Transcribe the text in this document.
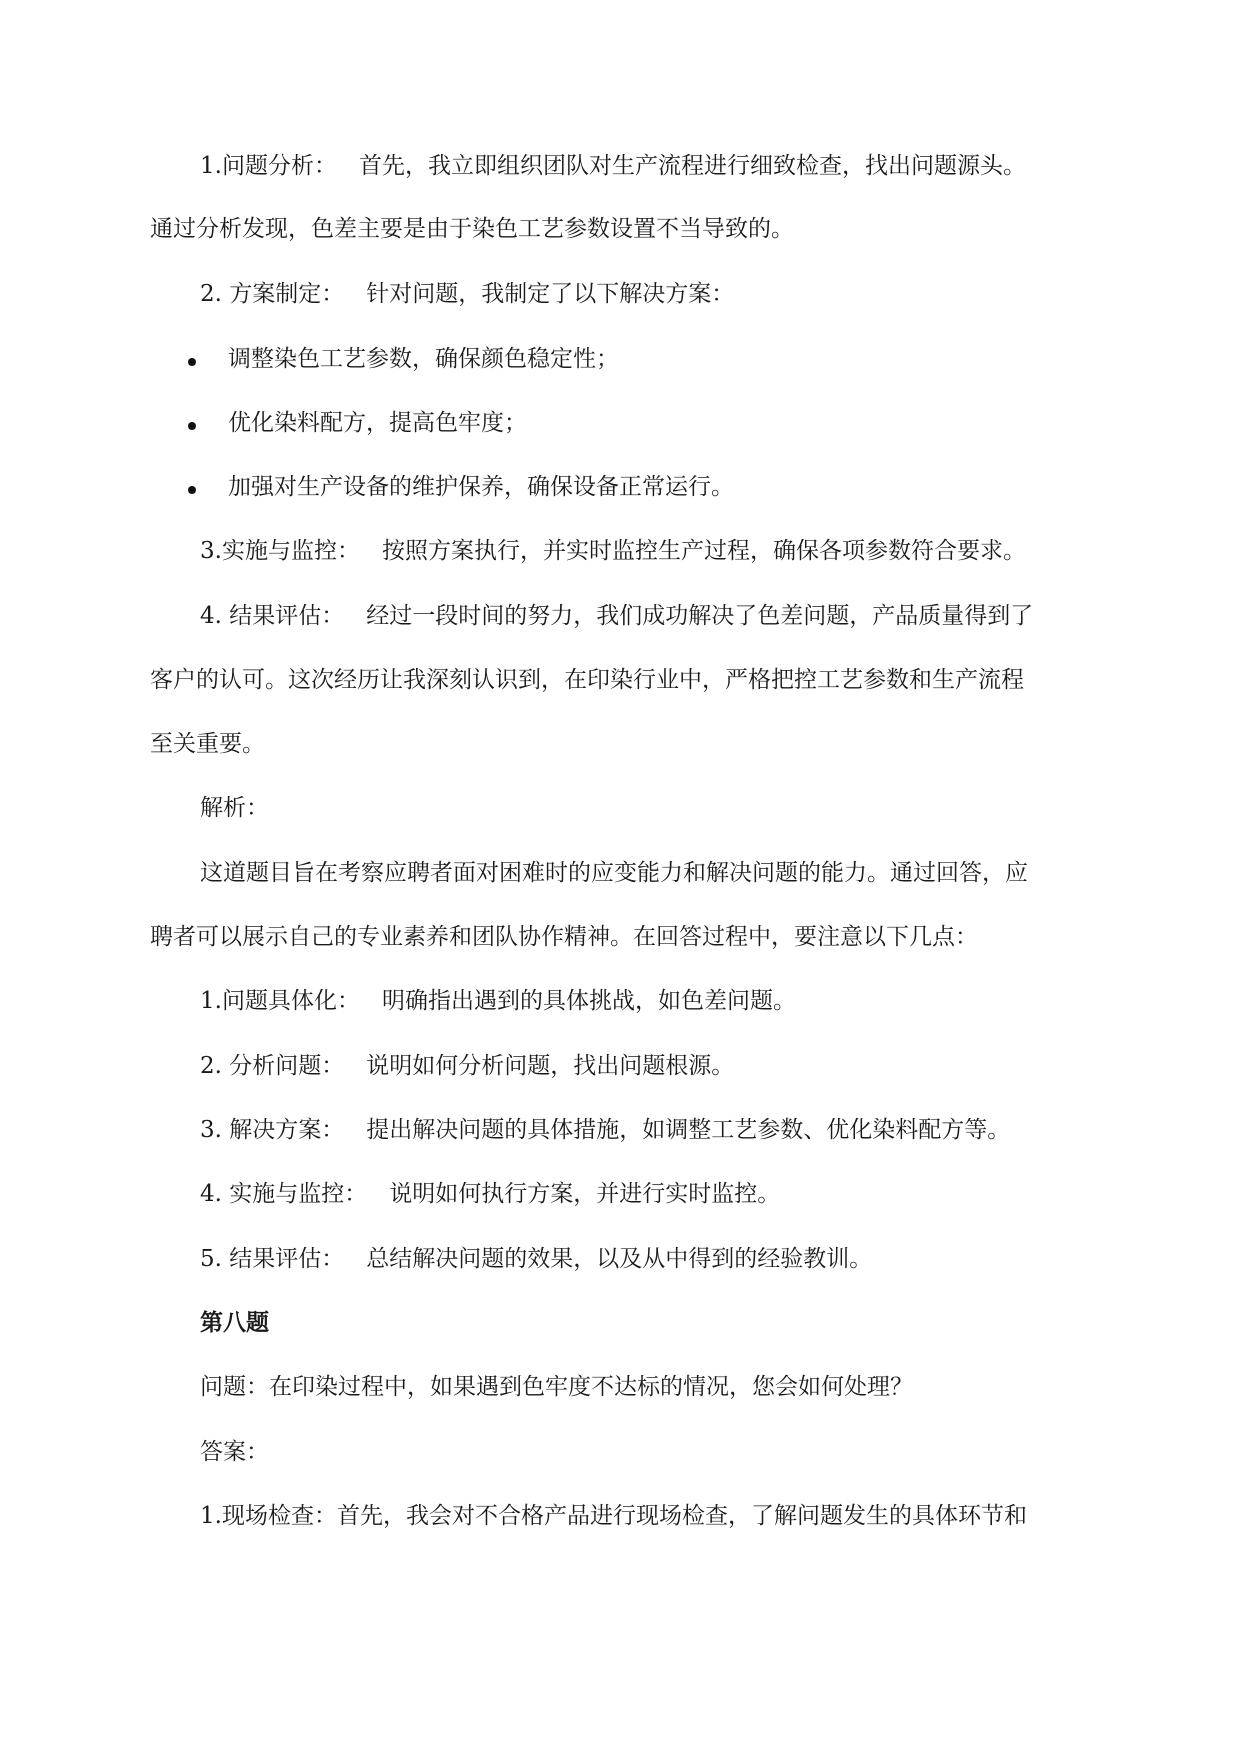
1.问题分析： 首先，我立即组织团队对生产流程进行细致检查，找出问题源头。
通过分析发现，色差主要是由于染色工艺参数设置不当导致的。
2. 方案制定： 针对问题，我制定了以下解决方案：
调整染色工艺参数，确保颜色稳定性；
优化染料配方，提高色牢度；
加强对生产设备的维护保养，确保设备正常运行。
3.实施与监控： 按照方案执行，并实时监控生产过程，确保各项参数符合要求。
4. 结果评估： 经过一段时间的努力，我们成功解决了色差问题，产品质量得到了
客户的认可。这次经历让我深刻认识到，在印染行业中，严格把控工艺参数和生产流程
至关重要。
解析：
这道题目旨在考察应聘者面对困难时的应变能力和解决问题的能力。通过回答，应
聘者可以展示自己的专业素养和团队协作精神。在回答过程中，要注意以下几点：
1.问题具体化： 明确指出遇到的具体挑战，如色差问题。
2. 分析问题： 说明如何分析问题，找出问题根源。
3. 解决方案： 提出解决问题的具体措施，如调整工艺参数、优化染料配方等。
4. 实施与监控： 说明如何执行方案，并进行实时监控。
5. 结果评估： 总结解决问题的效果，以及从中得到的经验教训。
第八题
问题：在印染过程中，如果遇到色牢度不达标的情况，您会如何处理？
答案：
1.现场检查：首先，我会对不合格产品进行现场检查，了解问题发生的具体环节和
